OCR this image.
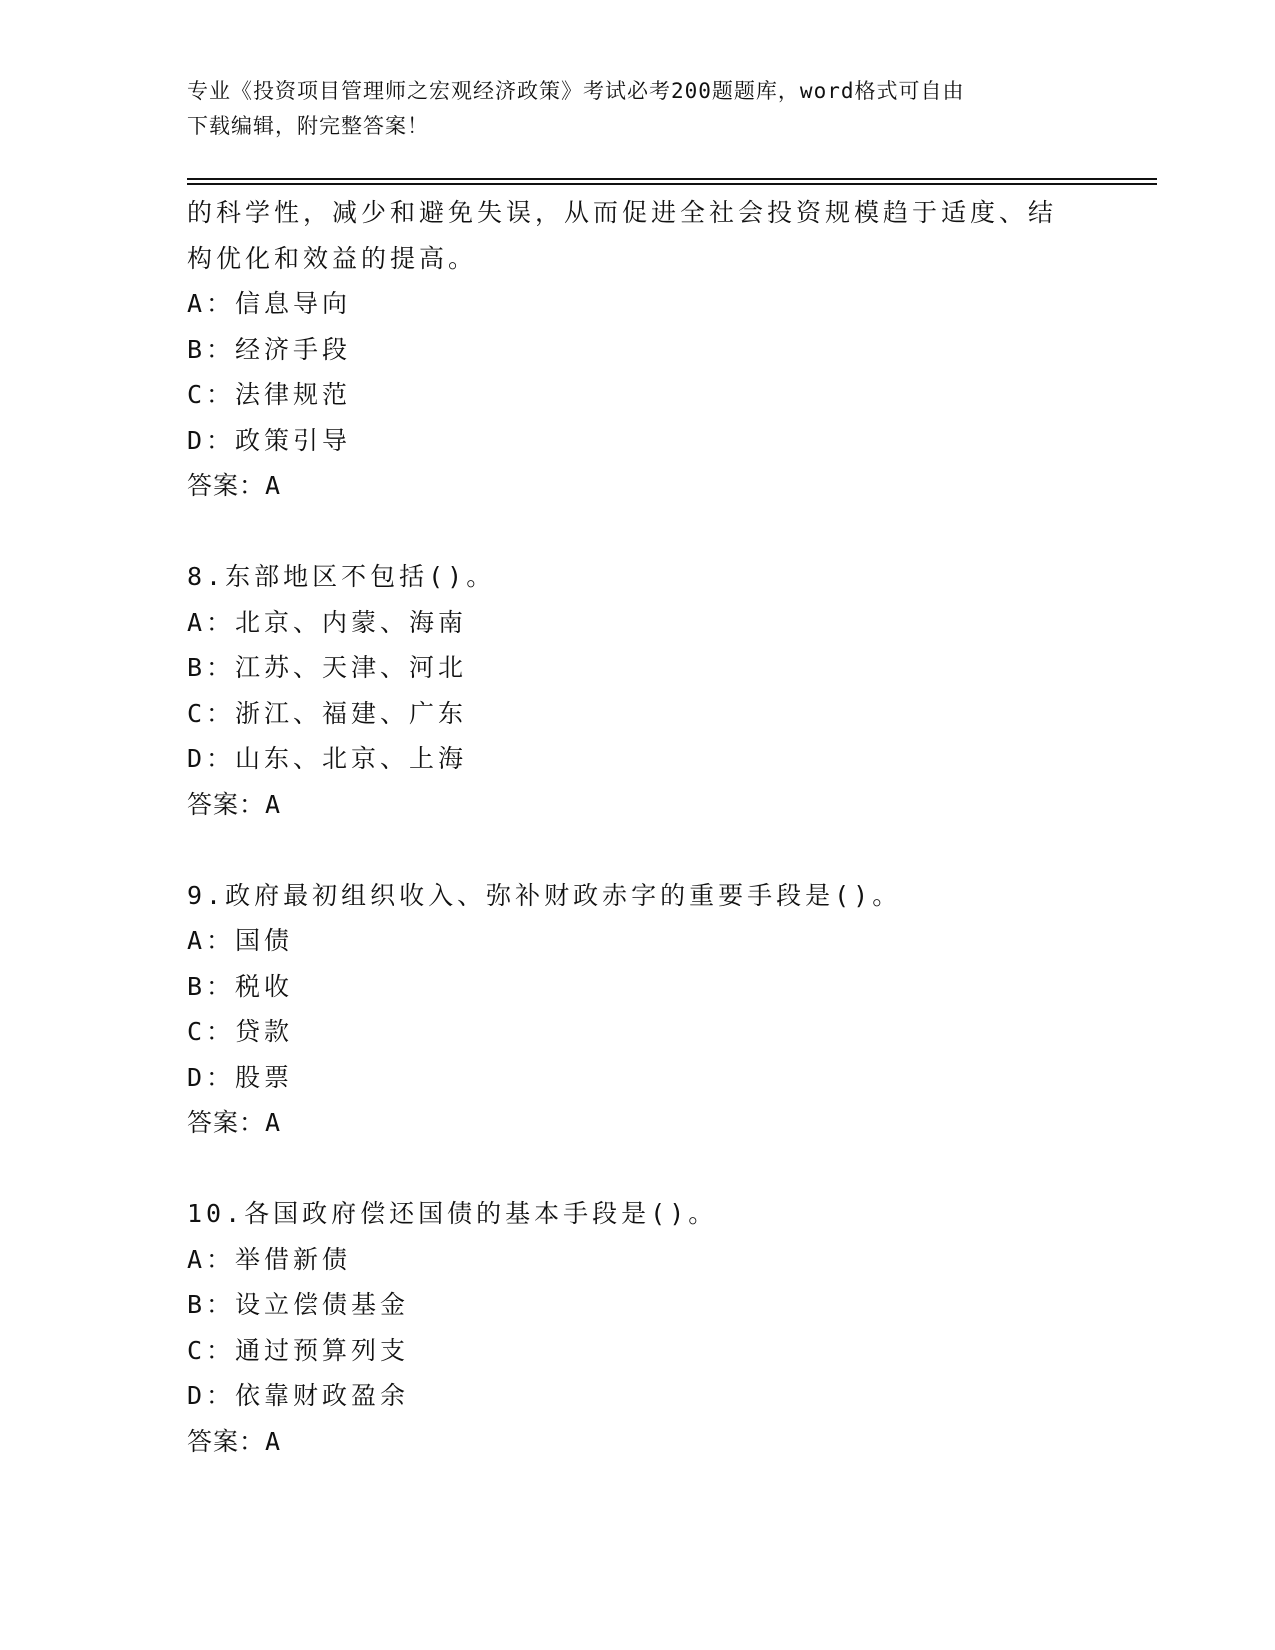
专业《投资项目管理师之宏观经济政策》考试必考200题题库，word格式可自由
下载编辑，附完整答案！
的科学性，减少和避免失误，从而促进全社会投资规模趋于适度、结
构优化和效益的提高。
A：信息导向
B：经济手段
C：法律规范
D：政策引导
答案：A
8.东部地区不包括()。
A：北京、内蒙、海南
B：江苏、天津、河北
C：浙江、福建、广东
D：山东、北京、上海
答案：A
9.政府最初组织收入、弥补财政赤字的重要手段是()。
A：国债
B：税收
C：贷款
D：股票
答案：A
10.各国政府偿还国债的基本手段是()。
A：举借新债
B：设立偿债基金
C：通过预算列支
D：依靠财政盈余
答案：A
